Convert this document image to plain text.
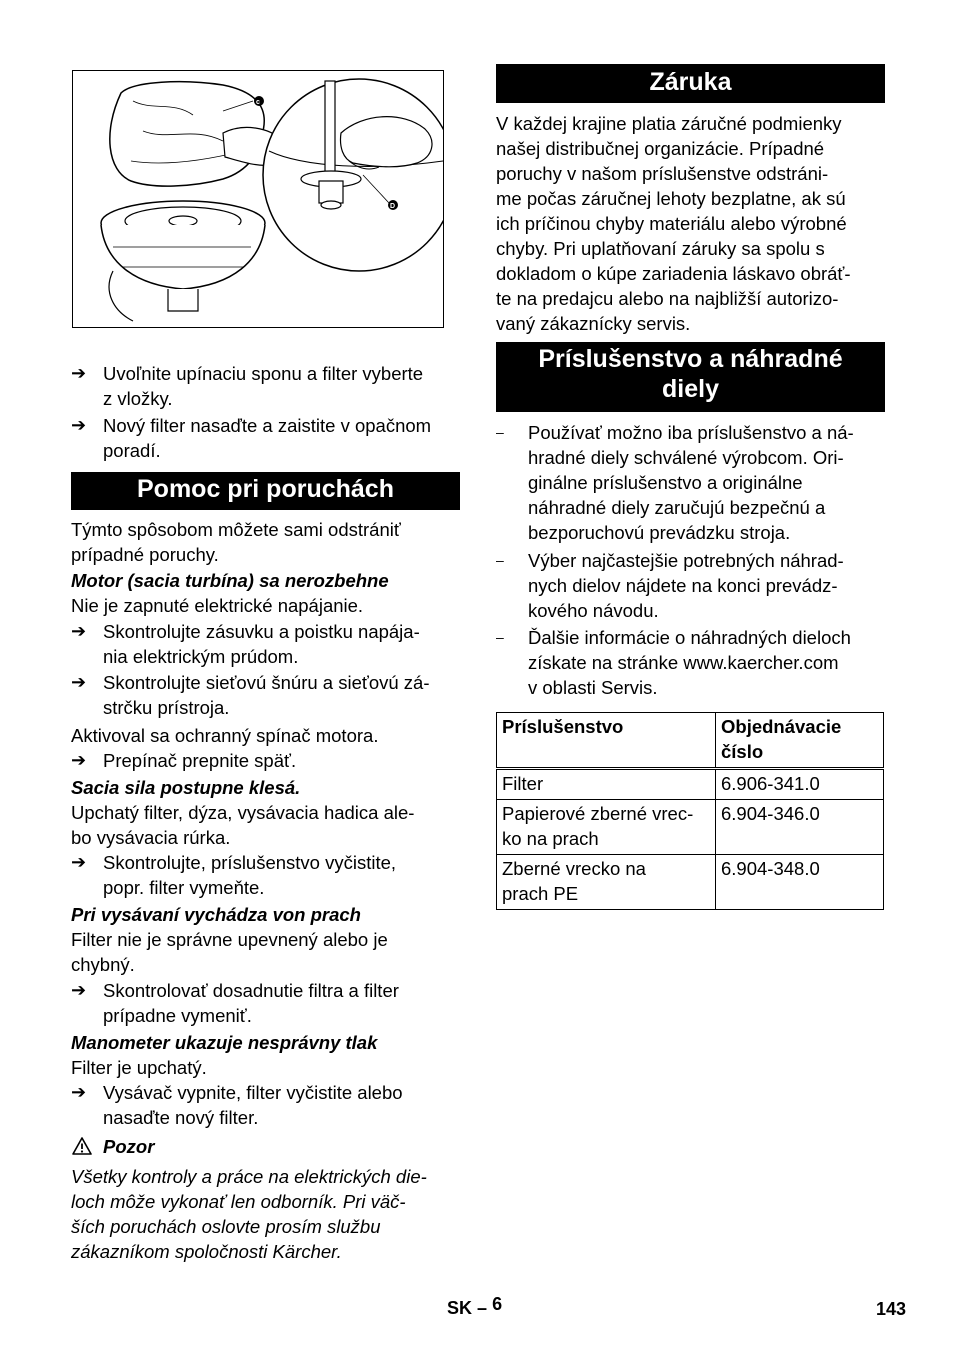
c
D
➔ Uvoľnite upínaciu sponu a filter vyberte
z vložky.
➔ Nový filter nasaďte a zaistite v opačnom
poradí.
Pomoc pri poruchách

Týmto spôsobom môžete sami odstrániť
prípadné poruchy.

Motor (sacia turbína) sa nerozbehne

Nie je zapnuté elektrické napájanie.

➔ Skontrolujte zásuvku a poistku napája-
nia elektrickým prúdom.
➔ Skontrolujte sieťovú šnúru a sieťovú zá-
strčku prístroja.

Aktivoval sa ochranný spínač motora.

➔ Prepínač prepnite späť.

Sacia sila postupne klesá.

Upchatý filter, dýza, vysávacia hadica ale-
bo vysávacia rúrka.

➔ Skontrolujte, príslušenstvo vyčistite,
popr. filter vymeňte.

Pri vysávaní vychádza von prach

Filter nie je správne upevnený alebo je
chybný.

➔ Skontrolovať dosadnutie filtra a filter
prípadne vymeniť.

Manometer ukazuje nesprávny tlak

Filter je upchatý.

➔ Vysávač vypnite, filter vyčistite alebo
nasaďte nový filter.
Pozor

Všetky kontroly a práce na elektrických die-
loch môže vykonať len odborník. Pri väč-
ších poruchách oslovte prosím službu
zákazníkom spoločnosti Kärcher.

Záruka

V každej krajine platia záručné podmienky
našej distribučnej organizácie. Prípadné
poruchy v našom príslušenstve odstráni-
me počas záručnej lehoty bezplatne, ak sú
ich príčinou chyby materiálu alebo výrobné
chyby. Pri uplatňovaní záruky sa spolu s
dokladom o kúpe zariadenia láskavo obráť-
te na predajcu alebo na najbližší autorizo-
vaný zákaznícky servis.

Príslušenstvo a náhradné
diely
– Používať možno iba príslušenstvo a ná-
hradné diely schválené výrobcom. Ori-
ginálne príslušenstvo a originálne
náhradné diely zaručujú bezpečnú a
bezporuchovú prevádzku stroja.
– Výber najčastejšie potrebných náhrad-
nych dielov nájdete na konci prevádz-
kového návodu.
– Ďalšie informácie o náhradných dieloch
získate na stránke www.kaercher.com
v oblasti Servis.
Príslušenstvo	Objednávacie
číslo
Filter	6.906-341.0
Papierové zberné vrec-
ko na prach	6.904-346.0
Zberné vrecko na
prach PE	6.904-348.0
SK – 6	143
